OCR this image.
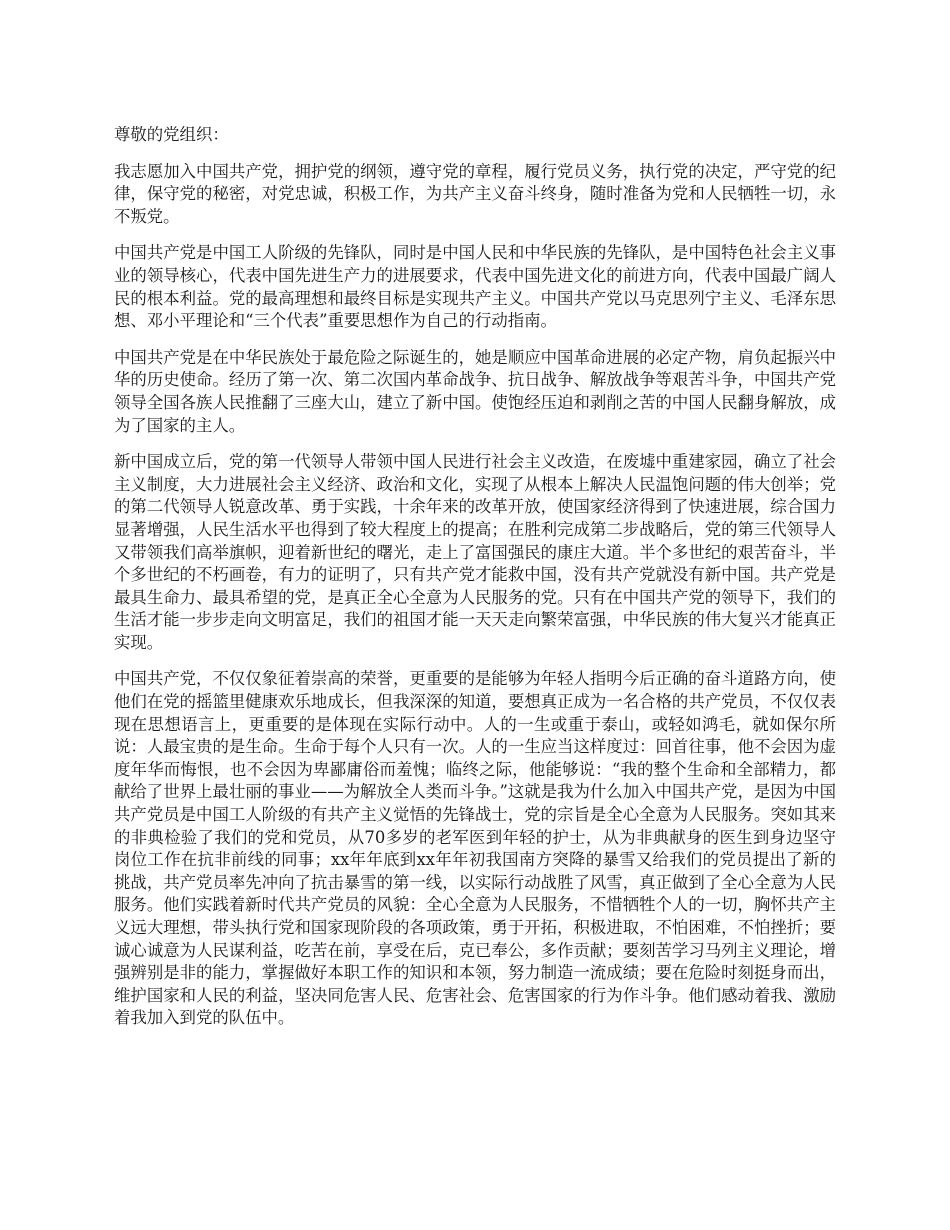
尊敬的党组织：

我志愿加入中国共产党，拥护党的纲领，遵守党的章程，履行党员义务，执行党的决定，严守党的纪律，保守党的秘密，对党忠诚，积极工作，为共产主义奋斗终身，随时准备为党和人民牺牲一切，永不叛党。

中国共产党是中国工人阶级的先锋队，同时是中国人民和中华民族的先锋队，是中国特色社会主义事业的领导核心，代表中国先进生产力的进展要求，代表中国先进文化的前进方向，代表中国最广阔人民的根本利益。党的最高理想和最终目标是实现共产主义。中国共产党以马克思列宁主义、毛泽东思想、邓小平理论和“三个代表”重要思想作为自己的行动指南。

中国共产党是在中华民族处于最危险之际诞生的，她是顺应中国革命进展的必定产物，肩负起振兴中华的历史使命。经历了第一次、第二次国内革命战争、抗日战争、解放战争等艰苦斗争，中国共产党领导全国各族人民推翻了三座大山，建立了新中国。使饱经压迫和剥削之苦的中国人民翻身解放，成为了国家的主人。

新中国成立后，党的第一代领导人带领中国人民进行社会主义改造，在废墟中重建家园，确立了社会主义制度，大力进展社会主义经济、政治和文化，实现了从根本上解决人民温饱问题的伟大创举；党的第二代领导人锐意改革、勇于实践，十余年来的改革开放，使国家经济得到了快速进展，综合国力显著增强，人民生活水平也得到了较大程度上的提高；在胜利完成第二步战略后，党的第三代领导人又带领我们高举旗帜，迎着新世纪的曙光，走上了富国强民的康庄大道。半个多世纪的艰苦奋斗，半个多世纪的不朽画卷，有力的证明了，只有共产党才能救中国，没有共产党就没有新中国。共产党是最具生命力、最具希望的党，是真正全心全意为人民服务的党。只有在中国共产党的领导下，我们的生活才能一步步走向文明富足，我们的祖国才能一天天走向繁荣富强，中华民族的伟大复兴才能真正实现。

中国共产党，不仅仅象征着崇高的荣誉，更重要的是能够为年轻人指明今后正确的奋斗道路方向，使他们在党的摇篮里健康欢乐地成长，但我深深的知道，要想真正成为一名合格的共产党员，不仅仅表现在思想语言上，更重要的是体现在实际行动中。人的一生或重于泰山，或轻如鸿毛，就如保尔所说：人最宝贵的是生命。生命于每个人只有一次。人的一生应当这样度过：回首往事，他不会因为虚度年华而悔恨，也不会因为卑鄙庸俗而羞愧；临终之际，他能够说：“我的整个生命和全部精力，都献给了世界上最壮丽的事业——为解放全人类而斗争。”这就是我为什么加入中国共产党，是因为中国共产党员是中国工人阶级的有共产主义觉悟的先锋战士，党的宗旨是全心全意为人民服务。突如其来的非典检验了我们的党和党员，从70多岁的老军医到年轻的护士，从为非典献身的医生到身边坚守岗位工作在抗非前线的同事；xx年年底到xx年年初我国南方突降的暴雪又给我们的党员提出了新的挑战，共产党员率先冲向了抗击暴雪的第一线，以实际行动战胜了风雪，真正做到了全心全意为人民服务。他们实践着新时代共产党员的风貌：全心全意为人民服务，不惜牺牲个人的一切，胸怀共产主义远大理想，带头执行党和国家现阶段的各项政策，勇于开拓，积极进取，不怕困难，不怕挫折；要诚心诚意为人民谋利益，吃苦在前，享受在后，克已奉公，多作贡献；要刻苦学习马列主义理论，增强辨别是非的能力，掌握做好本职工作的知识和本领，努力制造一流成绩；要在危险时刻挺身而出，维护国家和人民的利益，坚决同危害人民、危害社会、危害国家的行为作斗争。他们感动着我、激励着我加入到党的队伍中。
